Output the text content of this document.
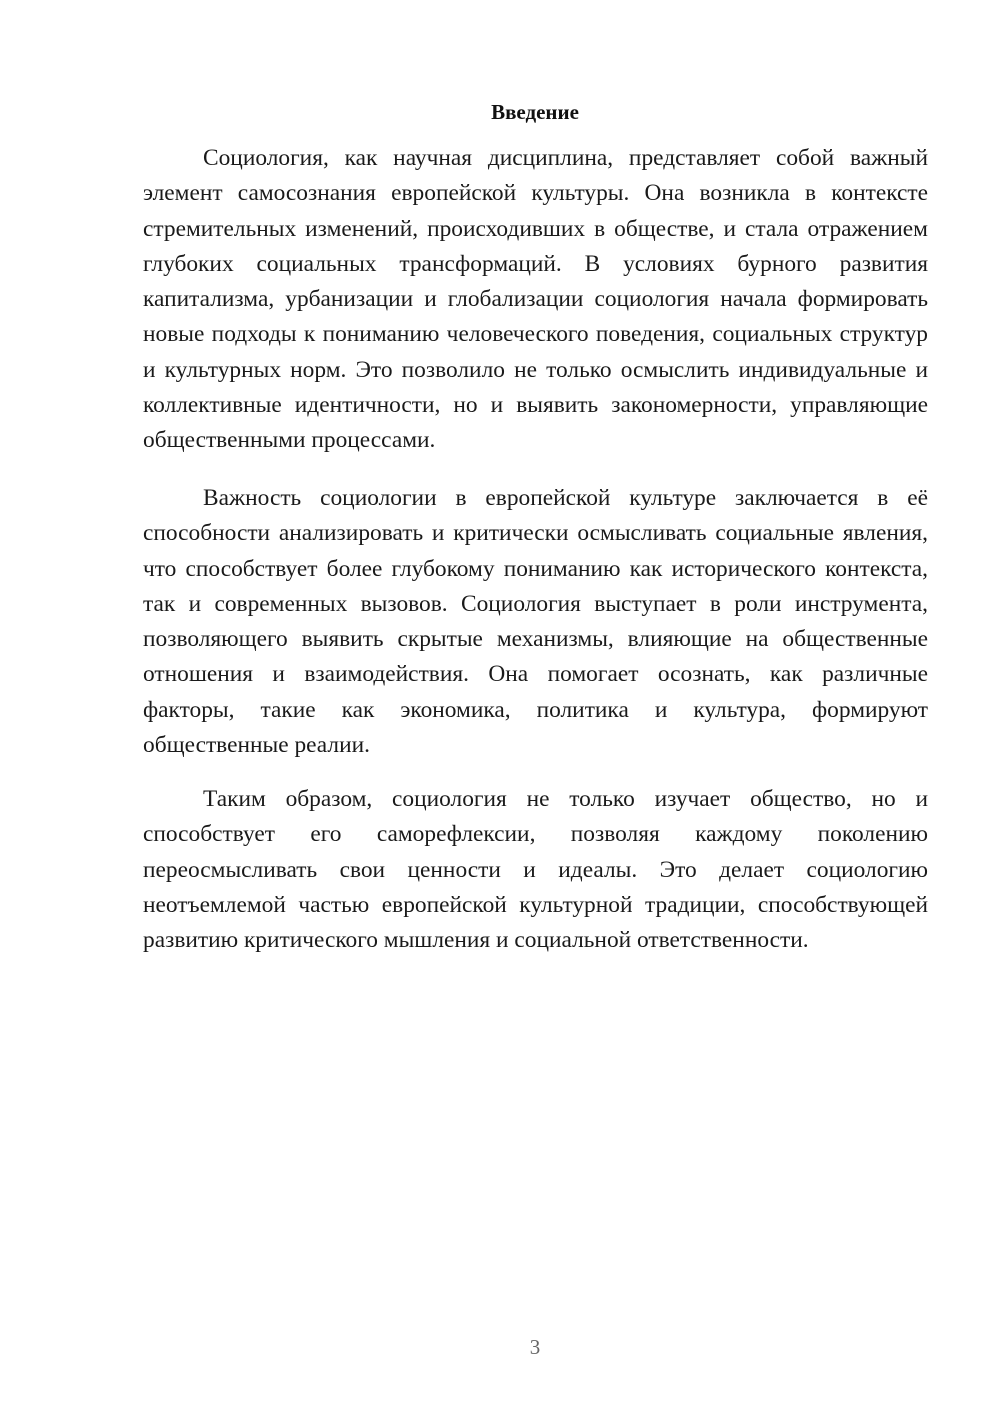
Введение

Социология, как научная дисциплина, представляет собой важный элемент самосознания европейской культуры. Она возникла в контексте стремительных изменений, происходивших в обществе, и стала отражением глубоких социальных трансформаций. В условиях бурного развития капитализма, урбанизации и глобализации социология начала формировать новые подходы к пониманию человеческого поведения, социальных структур и культурных норм. Это позволило не только осмыслить индивидуальные и коллективные идентичности, но и выявить закономерности, управляющие общественными процессами.

Важность социологии в европейской культуре заключается в её способности анализировать и критически осмысливать социальные явления, что способствует более глубокому пониманию как исторического контекста, так и современных вызовов. Социология выступает в роли инструмента, позволяющего выявить скрытые механизмы, влияющие на общественные отношения и взаимодействия. Она помогает осознать, как различные факторы, такие как экономика, политика и культура, формируют общественные реалии.

Таким образом, социология не только изучает общество, но и способствует его саморефлексии, позволяя каждому поколению переосмысливать свои ценности и идеалы. Это делает социологию неотъемлемой частью европейской культурной традиции, способствующей развитию критического мышления и социальной ответственности.

3
